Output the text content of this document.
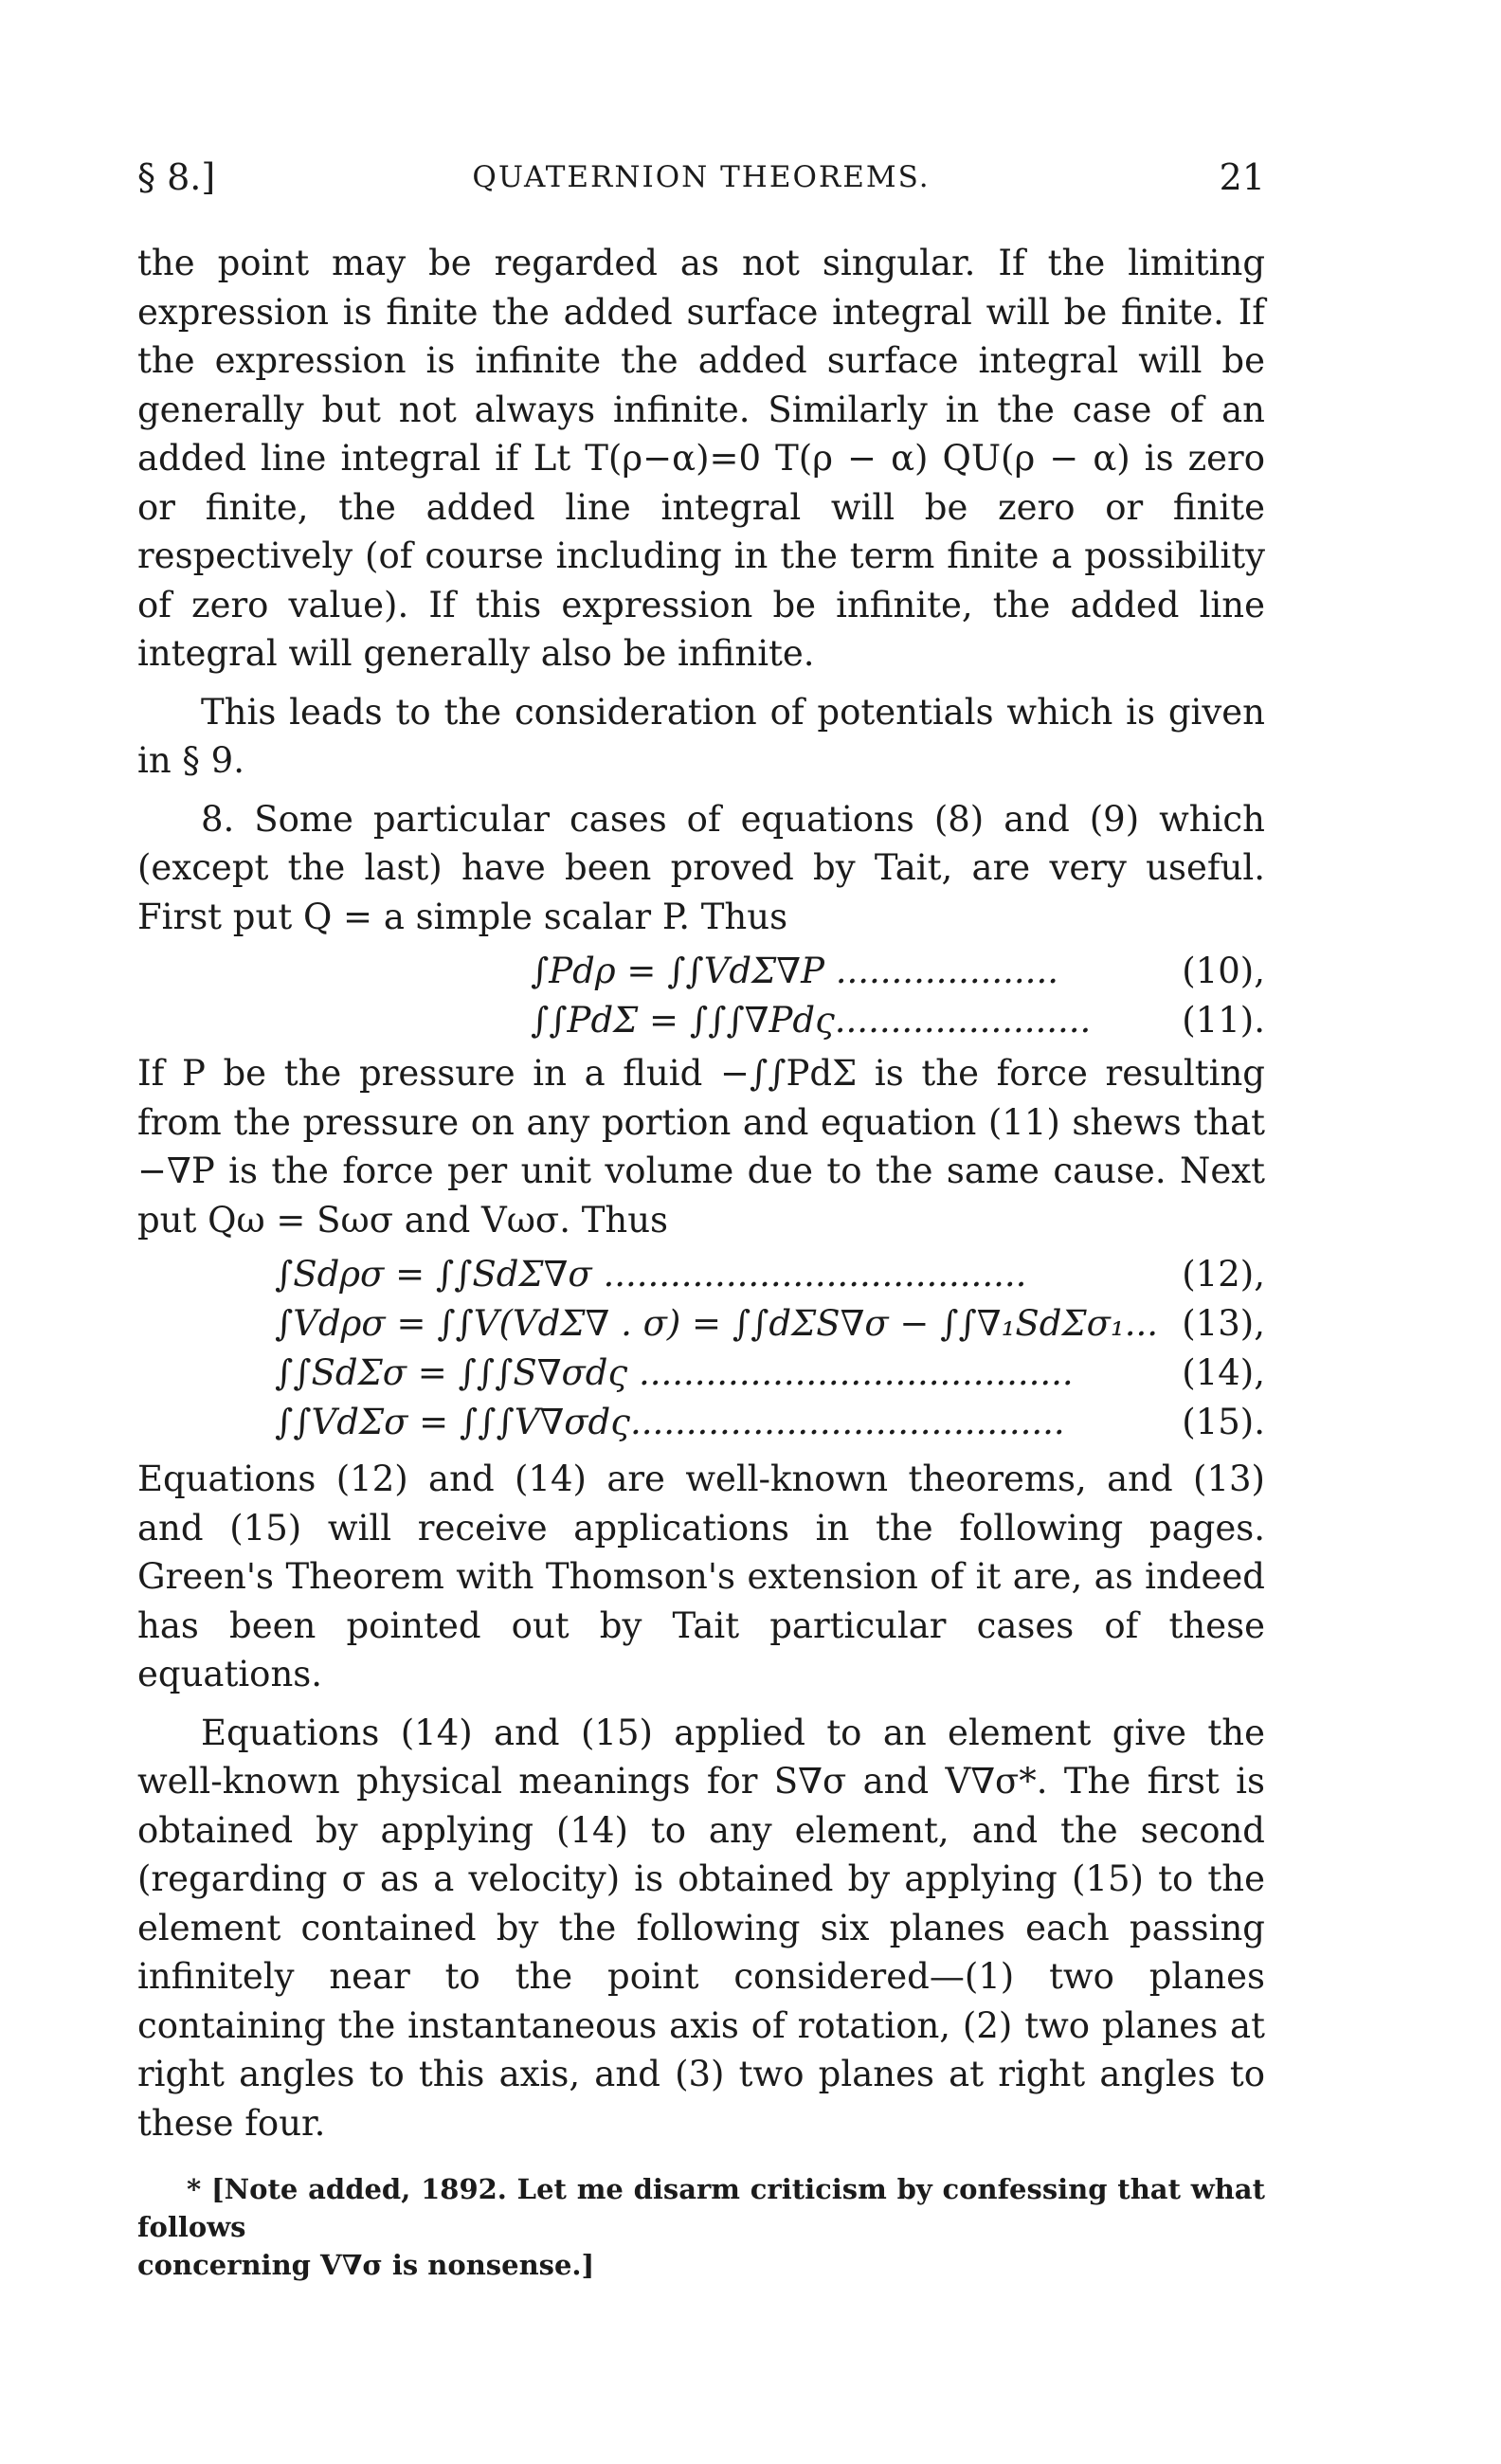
§ 8.]	QUATERNION THEOREMS.	21

the point may be regarded as not singular. If the limiting expression is finite the added surface integral will be finite. If the expression is infinite the added surface integral will be generally but not always infinite. Similarly in the case of an added line integral if Lt T(ρ−α)=0 T(ρ − α) QU(ρ − α) is zero or finite, the added line integral will be zero or finite respectively (of course including in the term finite a possibility of zero value). If this expression be infinite, the added line integral will generally also be infinite.

This leads to the consideration of potentials which is given in § 9.

8. Some particular cases of equations (8) and (9) which (except the last) have been proved by Tait, are very useful. First put Q = a simple scalar P. Thus

∫Pdρ = ∫∫VdΣ∇P ....................	(10),
∫∫PdΣ = ∫∫∫∇Pdς.......................	(11).

If P be the pressure in a fluid −∫∫PdΣ is the force resulting from the pressure on any portion and equation (11) shews that −∇P is the force per unit volume due to the same cause. Next put Qω = Sωσ and Vωσ. Thus

∫Sdρσ = ∫∫SdΣ∇σ ......................................	(12),
∫Vdρσ = ∫∫V(VdΣ∇ . σ) = ∫∫dΣS∇σ − ∫∫∇₁SdΣσ₁... (13),
∫∫SdΣσ = ∫∫∫S∇σdς .......................................	(14),
∫∫VdΣσ = ∫∫∫V∇σdς.......................................	(15).

Equations (12) and (14) are well-known theorems, and (13) and (15) will receive applications in the following pages. Green's Theorem with Thomson's extension of it are, as indeed has been pointed out by Tait particular cases of these equations.

Equations (14) and (15) applied to an element give the well-known physical meanings for S∇σ and V∇σ*. The first is obtained by applying (14) to any element, and the second (regarding σ as a velocity) is obtained by applying (15) to the element contained by the following six planes each passing infinitely near to the point considered—(1) two planes containing the instantaneous axis of rotation, (2) two planes at right angles to this axis, and (3) two planes at right angles to these four.

* [Note added, 1892. Let me disarm criticism by confessing that what follows
concerning V∇σ is nonsense.]
